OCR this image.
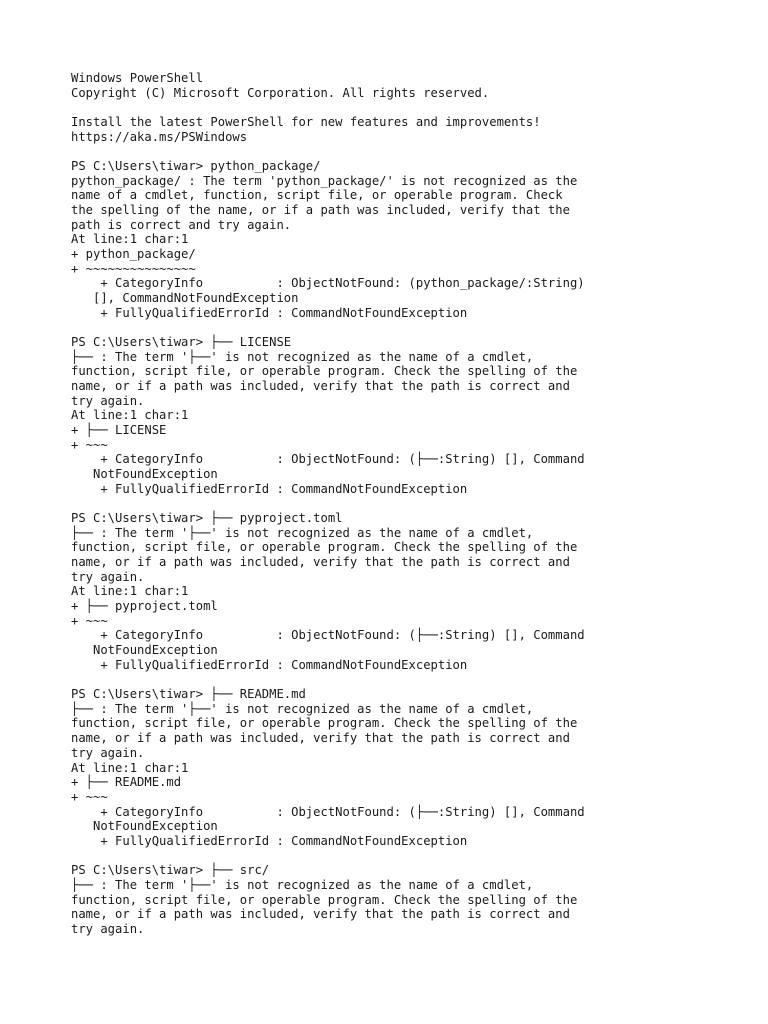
Windows PowerShell
Copyright (C) Microsoft Corporation. All rights reserved.
Install the latest PowerShell for new features and improvements!
https://aka.ms/PSWindows
PS C:\Users\tiwar> python_package/
python_package/ : The term 'python_package/' is not recognized as the
name of a cmdlet, function, script file, or operable program. Check
the spelling of the name, or if a path was included, verify that the
path is correct and try again.
At line:1 char:1
+ python_package/
+ ~~~~~~~~~~~~~~~
+ CategoryInfo          : ObjectNotFound: (python_package/:String)
[], CommandNotFoundException
+ FullyQualifiedErrorId : CommandNotFoundException
PS C:\Users\tiwar> ├── LICENSE
├── : The term '├──' is not recognized as the name of a cmdlet,
function, script file, or operable program. Check the spelling of the
name, or if a path was included, verify that the path is correct and
try again.
At line:1 char:1
+ ├── LICENSE
+ ~~~
+ CategoryInfo          : ObjectNotFound: (├──:String) [], Command
NotFoundException
+ FullyQualifiedErrorId : CommandNotFoundException
PS C:\Users\tiwar> ├── pyproject.toml
├── : The term '├──' is not recognized as the name of a cmdlet,
function, script file, or operable program. Check the spelling of the
name, or if a path was included, verify that the path is correct and
try again.
At line:1 char:1
+ ├── pyproject.toml
+ ~~~
+ CategoryInfo          : ObjectNotFound: (├──:String) [], Command
NotFoundException
+ FullyQualifiedErrorId : CommandNotFoundException
PS C:\Users\tiwar> ├── README.md
├── : The term '├──' is not recognized as the name of a cmdlet,
function, script file, or operable program. Check the spelling of the
name, or if a path was included, verify that the path is correct and
try again.
At line:1 char:1
+ ├── README.md
+ ~~~
+ CategoryInfo          : ObjectNotFound: (├──:String) [], Command
NotFoundException
+ FullyQualifiedErrorId : CommandNotFoundException
PS C:\Users\tiwar> ├── src/
├── : The term '├──' is not recognized as the name of a cmdlet,
function, script file, or operable program. Check the spelling of the
name, or if a path was included, verify that the path is correct and
try again.
